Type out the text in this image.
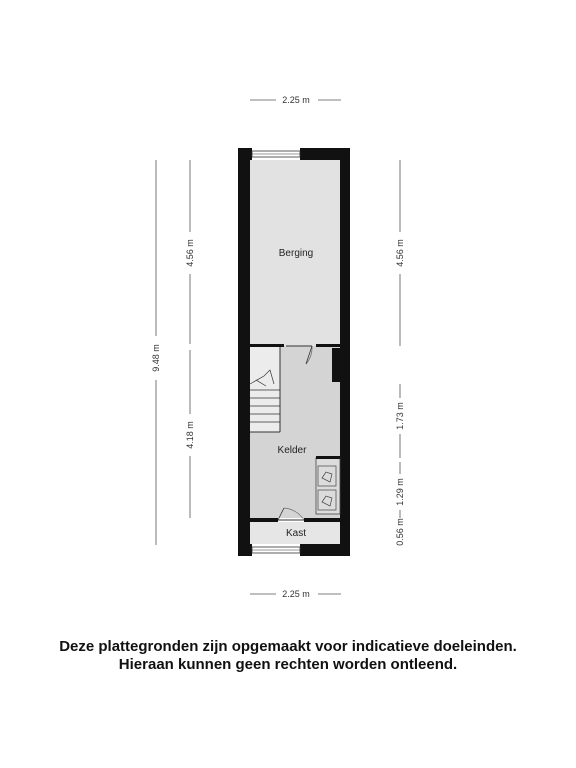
Berging
Kelder
Kast
2.25 m
2.25 m
9.48 m
4.56 m
4.18 m
4.56 m
1.73 m
1.29 m
0.56 m
Deze plattegronden zijn opgemaakt voor indicatieve doeleinden.
Hieraan kunnen geen rechten worden ontleend.
